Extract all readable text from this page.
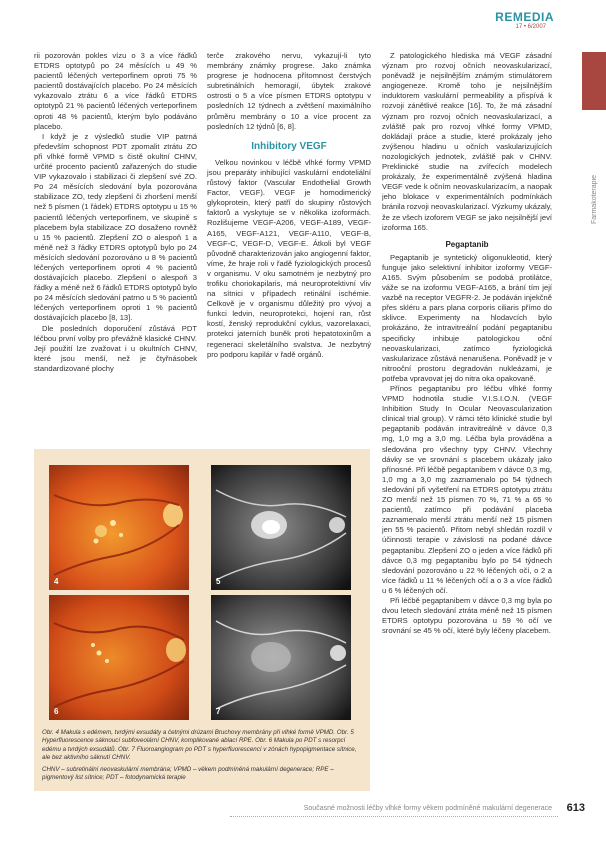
REMEDIA
17 • 6/2007
Farmakoterapie

rii pozorován pokles vízu o 3 a více řádků ETDRS optotypů po 24 měsících u 49 % pacientů léčených verteporfinem oproti 75 % pacientů dostávajících placebo. Po 24 měsících vykazovalo ztrátu 6 a více řádků ETDRS optotypů 21 % pacientů léčených verteporfinem oproti 48 % pacientů, kterým bylo podáváno placebo.

I když je z výsledků studie VIP patrná především schopnost PDT zpomalit ztrátu ZO při vlhké formě VPMD s čistě okultní CHNV, určité procento pacientů zařazených do studie VIP vykazovalo i stabilizaci či zlepšení své ZO. Po 24 měsících sledování byla pozorována stabilizace ZO, tedy zlepšení či zhoršení menší než 5 písmen (1 řádek) ETDRS optotypu u 15 % pacientů léčených verteporfinem, ve skupině s placebem byla stabilizace ZO dosaženo rovněž u 15 % pacientů. Zlepšení ZO o alespoň 1 a méně než 3 řádky ETDRS optotypů bylo po 24 měsících sledování pozorováno u 8 % pacientů léčených verteporfinem oproti 4 % pacientů dostávajících placebo. Zlepšení o alespoň 3 řádky a méně než 6 řádků ETDRS optotypů bylo po 24 měsících sledování patrno u 5 % pacientů léčených verteporfinem oproti 1 % pacientů dostávajících placebo [8, 13].

Dle posledních doporučení zůstává PDT léčbou první volby pro převážně klasické CHNV. Její použití lze zvažovat i u okultních CHNV, které jsou menší, než je čtyřnásobek standardizované plochy

terče zrakového nervu, vykazují-li tyto membrány známky progrese. Jako známka progrese je hodnocena přítomnost čerstvých subretinálních hemoragií, úbytek zrakové ostrosti o 5 a více písmen ETDRS optotypu v posledních 12 týdnech a zvětšení maximálního průměru membrány o 10 a více procent za posledních 12 týdnů [6, 8].

Inhibitory VEGF

Velkou novinkou v léčbě vlhké formy VPMD jsou preparáty inhibující vaskulární endoteliální růstový faktor (Vascular Endothelial Growth Factor, VEGF). VEGF je homodimerický glykoprotein, který patří do skupiny růstových faktorů a vyskytuje se v několika izoformách. Rozlišujeme VEGF-A206, VEGF-A189, VEGF-A165, VEGF-A121, VEGF-A110, VEGF-B, VEGF-C, VEGF-D, VEGF-E. Átkoli byl VEGF původně charakterizován jako angiogenní faktor, víme, že hraje roli v řadě fyziologických procesů v organismu. V oku samotném je nezbytný pro trofiku choriokapilaris, má neuroprotektivní vliv na sítnici v případech retinální ischémie. Celkově je v organismu důležitý pro vývoj a funkci ledvin, neuroprotekci, hojení ran, růst kostí, ženský reprodukční cyklus, vazorelaxaci, protekci jaterních buněk proti hepatotoxinům a regeneraci skeletálního svalstva. Je nezbytný pro podporu kapilár v řadě orgánů.

Z patologického hlediska má VEGF zásadní význam pro rozvoj očních neovaskularizací, poněvadž je nejsilnějším známým stimulátorem angiogeneze. Kromě toho je nejsilnějším induktorem vaskulární permeability a přispívá k rozvoji zánětlivé reakce [16]. To, že má zásadní význam pro rozvoj očních neovaskularizací, a zvláště pak pro rozvoj vlhké formy VPMD, dokládají práce a studie, které prokázaly jeho zvýšenou hladinu u očních vaskularizujících nozologických jednotek, zvláště pak v CHNV. Preklinické studie na zvířecích modelech prokázaly, že experimentálně zvýšená hladina VEGF vede k očním neovaskularizacím, a naopak jeho blokace v experimentálních podmínkách bránila rozvoji neovaskularizací. Výzkumy ukázaly, že ze všech izoforem VEGF se jako nejsilnější jeví izoforma 165.

Pegaptanib

Pegaptanib je syntetický oligonukleotid, který funguje jako selektivní inhibitor izoformy VEGF-A165. Svým působením se podobá protilátce, váže se na izoformu VEGF-A165, a brání tím její vazbě na receptor VEGFR-2. Je podáván injekčně přes skléru a pars plana corporis ciliaris přímo do sklivce. Experimenty na hlodavcích bylo prokázáno, že intravitreální podání pegaptanibu specificky inhibuje patologickou oční neovaskularizaci, zatímco fyziologická vaskularizace zůstává nenarušena. Poněvadž je v nitrooční prostoru degradován nukleázami, je potřeba vpravovat jej do nitra oka opakovaně.

Přínos pegaptanibu pro léčbu vlhké formy VPMD hodnotila studie V.I.S.I.O.N. (VEGF Inhibition Study In Ocular Neovascularization clinical trial group). V rámci této klinické studie byl pegaptanib podáván intravitreálně v dávce 0,3 mg, 1,0 mg a 3,0 mg. Léčba byla prováděna a sledována pro všechny typy CHNV. Všechny dávky se ve srovnání s placebem ukázaly jako přínosné. Při léčbě pegaptanibem v dávce 0,3 mg, 1,0 mg a 3,0 mg zaznamenalo po 54 týdnech sledování při vyšetření na ETDRS optotypu ztrátu ZO menší než 15 písmen 70 %, 71 % a 65 % pacientů, zatímco při podávání placeba zaznamenalo menší ztrátu menší než 15 písmen jen 55 % pacientů. Přitom nebyl shledán rozdíl v účinnosti terapie v závislosti na podané dávce pegaptanibu. Zlepšení ZO o jeden a více řádků při dávce 0,3 mg pegaptanibu bylo po 54 týdnech sledování pozorováno u 22 % léčených očí, o 2 a více řádků u 11 % léčených očí a o 3 a více řádků u 6 % léčených očí.

Při léčbě pegaptanibem v dávce 0,3 mg byla po dvou letech sledování ztráta méně než 15 písmen ETDRS optotypu pozorována u 59 % očí ve srovnání se 45 % očí, které byly léčeny placebem.

4	5
6	7

Obr. 4 Makula s edémem, tvrdými exsudáty a četnými drúzami Bruchovy membrány při vlhké formě VPMD. Obr. 5 Hyperfluorescence sáknoucí subfoveolární CHNV, komplikované ablací RPE. Obr. 6 Makula po PDT s resorpcí edému a tvrdých exsudátů. Obr. 7 Fluoroangiogram po PDT s hyperfluorescencí v zónách hypopigmentace sítnice, ale bez aktivního sáknutí CHNV.

CHNV – subretinální neovaskulární membrána; VPMD – věkem podmíněná makulární degenerace; RPE – pigmentový list sítnice; PDT – fotodynamická terapie

Současné možnosti léčby vlhké formy věkem podmíněné makulární degenerace 613
